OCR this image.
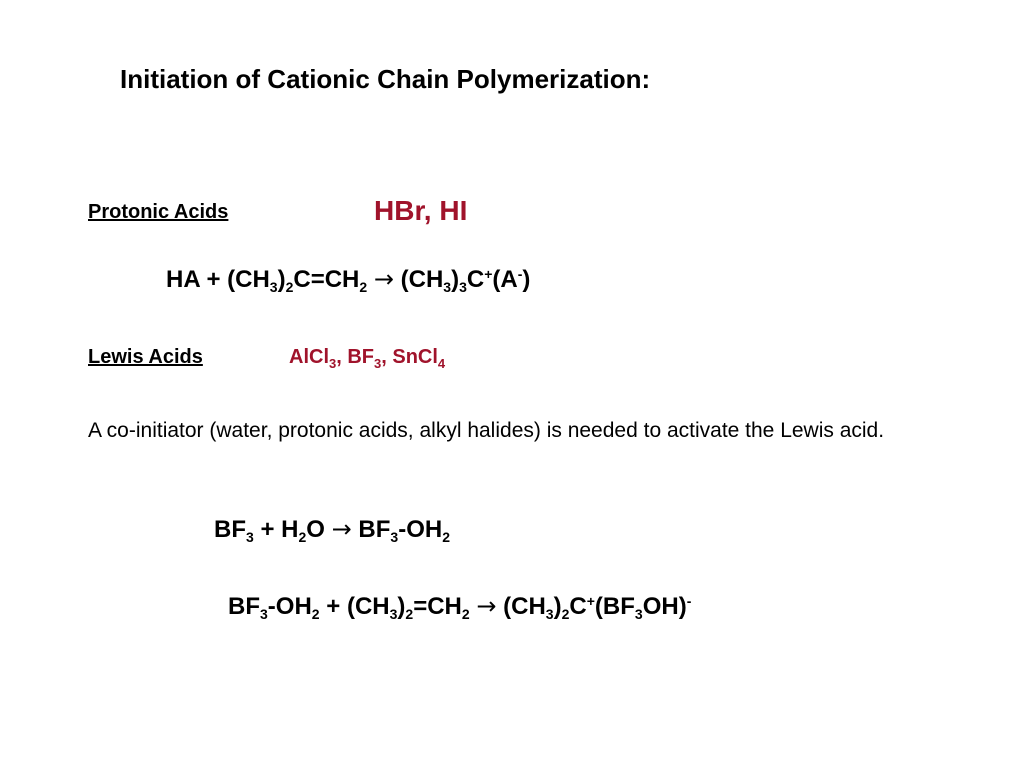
Initiation of Cationic Chain Polymerization:
Protonic Acids	HBr, HI
HA + $(CH_3)_2C=CH_2 \to (CH_3)_3C^+(A^-)$
Lewis Acids	AlCl$_3$, $BF_3$, SnCl$_4$
A co-initiator (water, protonic acids, alkyl halides) is needed to activate the Lewis acid.
$BF_3 + H_2O \to BF_3-OH_2$
$BF_3-OH_2 + (CH_3)_2=CH_2 \to (CH_3)_2C^+(BF_3OH)^-$
